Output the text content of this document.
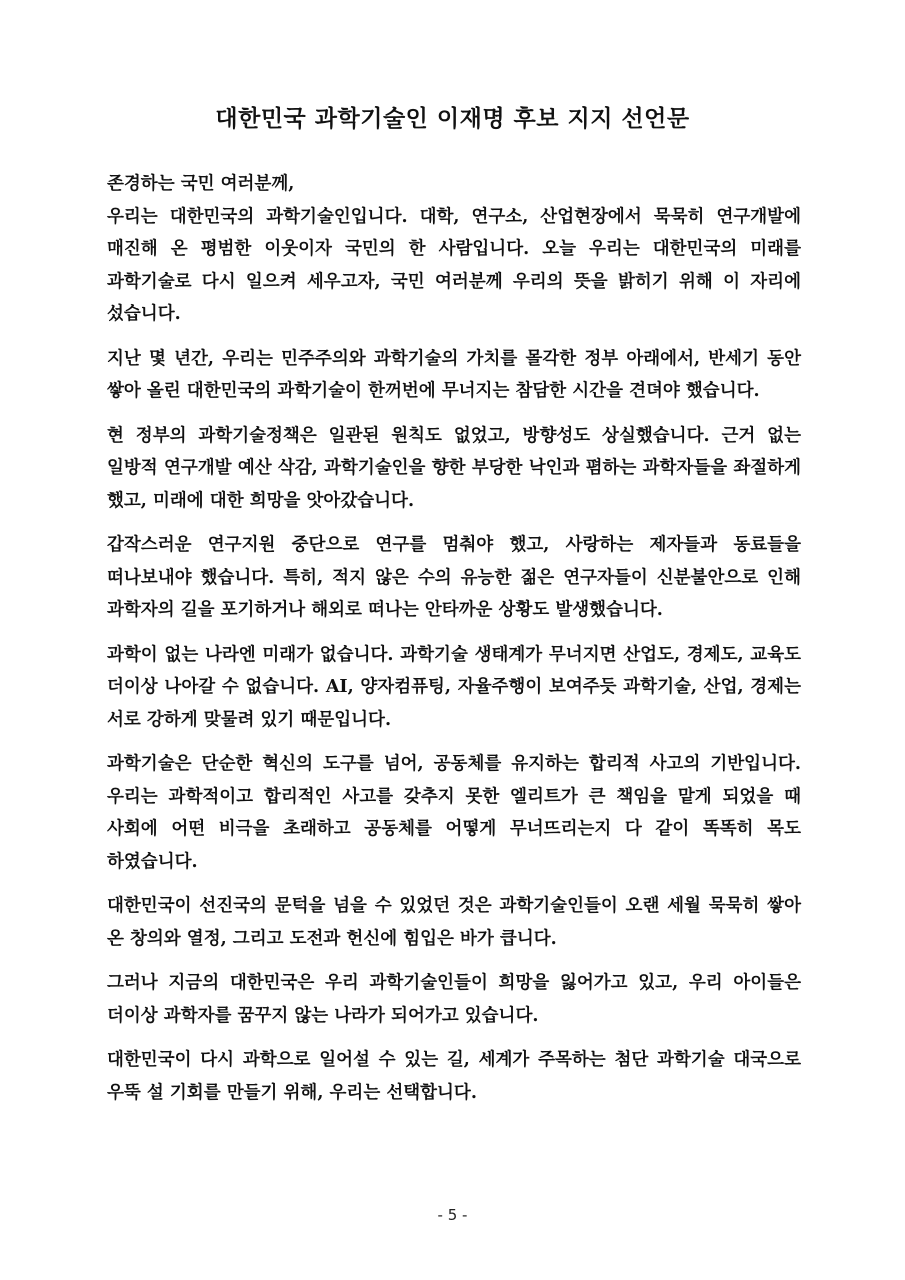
대한민국 과학기술인 이재명 후보 지지 선언문

존경하는 국민 여러분께,

우리는 대한민국의 과학기술인입니다. 대학, 연구소, 산업현장에서 묵묵히 연구개발에 매진해 온 평범한 이웃이자 국민의 한 사람입니다. 오늘 우리는 대한민국의 미래를 과학기술로 다시 일으켜 세우고자, 국민 여러분께 우리의 뜻을 밝히기 위해 이 자리에 섰습니다.

지난 몇 년간, 우리는 민주주의와 과학기술의 가치를 몰각한 정부 아래에서, 반세기 동안 쌓아 올린 대한민국의 과학기술이 한꺼번에 무너지는 참담한 시간을 견뎌야 했습니다.

현 정부의 과학기술정책은 일관된 원칙도 없었고, 방향성도 상실했습니다. 근거 없는 일방적 연구개발 예산 삭감, 과학기술인을 향한 부당한 낙인과 폄하는 과학자들을 좌절하게 했고, 미래에 대한 희망을 앗아갔습니다.

갑작스러운 연구지원 중단으로 연구를 멈춰야 했고, 사랑하는 제자들과 동료들을 떠나보내야 했습니다. 특히, 적지 않은 수의 유능한 젊은 연구자들이 신분불안으로 인해 과학자의 길을 포기하거나 해외로 떠나는 안타까운 상황도 발생했습니다.

과학이 없는 나라엔 미래가 없습니다. 과학기술 생태계가 무너지면 산업도, 경제도, 교육도 더이상 나아갈 수 없습니다. AI, 양자컴퓨팅, 자율주행이 보여주듯 과학기술, 산업, 경제는 서로 강하게 맞물려 있기 때문입니다.

과학기술은 단순한 혁신의 도구를 넘어, 공동체를 유지하는 합리적 사고의 기반입니다. 우리는 과학적이고 합리적인 사고를 갖추지 못한 엘리트가 큰 책임을 맡게 되었을 때 사회에 어떤 비극을 초래하고 공동체를 어떻게 무너뜨리는지 다 같이 똑똑히 목도 하였습니다.

대한민국이 선진국의 문턱을 넘을 수 있었던 것은 과학기술인들이 오랜 세월 묵묵히 쌓아 온 창의와 열정, 그리고 도전과 헌신에 힘입은 바가 큽니다.

그러나 지금의 대한민국은 우리 과학기술인들이 희망을 잃어가고 있고, 우리 아이들은 더이상 과학자를 꿈꾸지 않는 나라가 되어가고 있습니다.

대한민국이 다시 과학으로 일어설 수 있는 길, 세계가 주목하는 첨단 과학기술 대국으로 우뚝 설 기회를 만들기 위해, 우리는 선택합니다.

- 5 -
